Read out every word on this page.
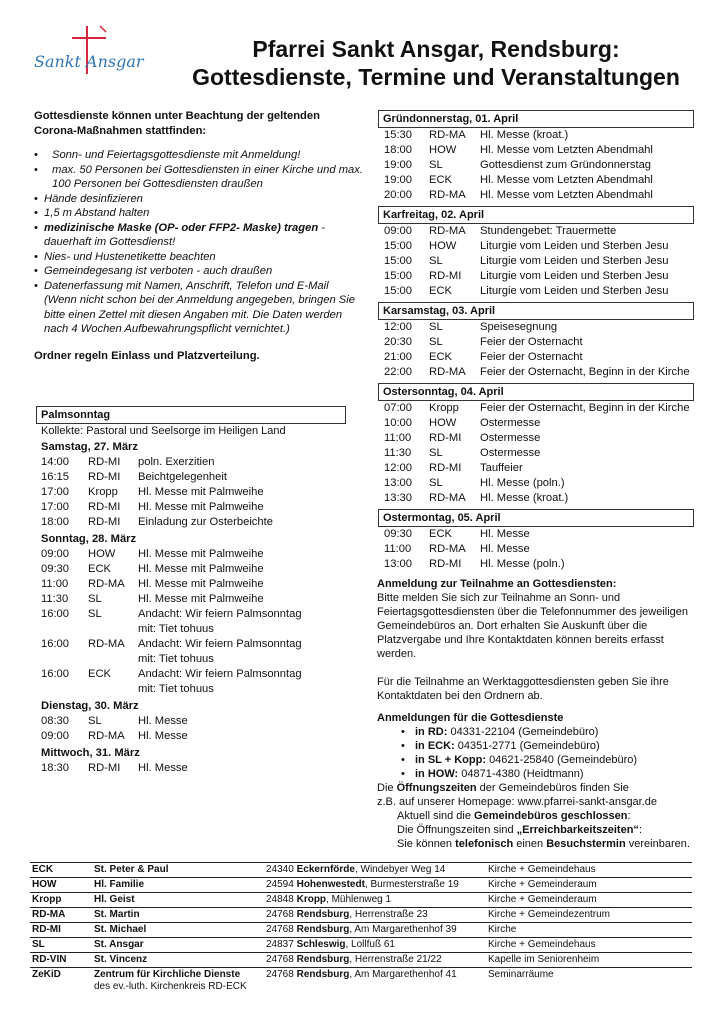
Sankt Ansgar	Pfarrei Sankt Ansgar, Rendsburg:
Gottesdienste, Termine und Veranstaltungen
Gottesdienste können unter Beachtung der geltenden Corona-Maßnahmen stattfinden:
• Sonn- und Feiertagsgottesdienste mit Anmeldung!
• max. 50 Personen bei Gottesdiensten in einer Kirche und max. 100 Personen bei Gottesdiensten draußen
• Hände desinfizieren
• 1,5 m Abstand halten
• medizinische Maske (OP- oder FFP2- Maske) tragen - dauerhaft im Gottesdienst!
• Nies- und Hustenetikette beachten
• Gemeindegesang ist verboten - auch draußen
• Datenerfassung mit Namen, Anschrift, Telefon und E-Mail (Wenn nicht schon bei der Anmeldung angegeben, bringen Sie bitte einen Zettel mit diesen Angaben mit. Die Daten werden nach 4 Wochen Aufbewahrungspflicht vernichtet.)
Ordner regeln Einlass und Platzverteilung.
Palmsonntag
Kollekte: Pastoral und Seelsorge im Heiligen Land
Samstag, 27. März
14:00	RD-MI	poln. Exerzitien
16:15	RD-MI	Beichtgelegenheit
17:00	Kropp	Hl. Messe mit Palmweihe
17:00	RD-MI	Hl. Messe mit Palmweihe
18:00	RD-MI	Einladung zur Osterbeichte
Sonntag, 28. März
09:00	HOW	Hl. Messe mit Palmweihe
09:30	ECK	Hl. Messe mit Palmweihe
11:00	RD-MA	Hl. Messe mit Palmweihe
11:30	SL	Hl. Messe mit Palmweihe
16:00	SL	Andacht: Wir feiern Palmsonntag
mit: Tiet tohuus
16:00	RD-MA	Andacht: Wir feiern Palmsonntag
mit: Tiet tohuus
16:00	ECK	Andacht: Wir feiern Palmsonntag
mit: Tiet tohuus
Dienstag, 30. März
08:30	SL	Hl. Messe
09:00	RD-MA	Hl. Messe
Mittwoch, 31. März
18:30	RD-MI	Hl. Messe
Gründonnerstag, 01. April
15:30	RD-MA	Hl. Messe (kroat.)
18:00	HOW	Hl. Messe vom Letzten Abendmahl
19:00	SL	Gottesdienst zum Gründonnerstag
19:00	ECK	Hl. Messe vom Letzten Abendmahl
20:00	RD-MA	Hl. Messe vom Letzten Abendmahl
Karfreitag, 02. April
09:00	RD-MA	Stundengebet: Trauermette
15:00	HOW	Liturgie vom Leiden und Sterben Jesu
15:00	SL	Liturgie vom Leiden und Sterben Jesu
15:00	RD-MI	Liturgie vom Leiden und Sterben Jesu
15:00	ECK	Liturgie vom Leiden und Sterben Jesu
Karsamstag, 03. April
12:00	SL	Speisesegnung
20:30	SL	Feier der Osternacht
21:00	ECK	Feier der Osternacht
22:00	RD-MA	Feier der Osternacht, Beginn in der Kirche
Ostersonntag, 04. April
07:00	Kropp	Feier der Osternacht, Beginn in der Kirche
10:00	HOW	Ostermesse
11:00	RD-MI	Ostermesse
11:30	SL	Ostermesse
12:00	RD-MI	Tauffeier
13:00	SL	Hl. Messe (poln.)
13:30	RD-MA	Hl. Messe (kroat.)
Ostermontag, 05. April
09:30	ECK	Hl. Messe
11:00	RD-MA	Hl. Messe
13:00	RD-MI	Hl. Messe (poln.)

Anmeldung zur Teilnahme an Gottesdiensten:

Bitte melden Sie sich zur Teilnahme an Sonn- und Feiertagsgottesdiensten über die Telefonnummer des jeweiligen Gemeindebüros an. Dort erhalten Sie Auskunft über die Platzvergabe und Ihre Kontaktdaten können bereits erfasst werden.

Für die Teilnahme an Werktaggottesdiensten geben Sie ihre Kontaktdaten bei den Ordnern ab.

Anmeldungen für die Gottesdienste

• in RD: 04331-22104 (Gemeindebüro)

• in ECK: 04351-2771 (Gemeindebüro)

• in SL + Kopp: 04621-25840 (Gemeindebüro)

• in HOW: 04871-4380 (Heidtmann)

Die Öffnungszeiten der Gemeindebüros finden Sie

z.B. auf unserer Homepage: www.pfarrei-sankt-ansgar.de

Aktuell sind die Gemeindebüros geschlossen:

Die Öffnungszeiten sind „Erreichbarkeitszeiten“:

Sie können telefonisch einen Besuchstermin vereinbaren.

ECK	St. Peter & Paul	24340 Eckernförde, Windebyer Weg 14	Kirche + Gemeindehaus
HOW	Hl. Familie	24594 Hohenwestedt, Burmesterstraße 19	Kirche + Gemeinderaum
Kropp	Hl. Geist	24848 Kropp, Mühlenweg 1	Kirche + Gemeinderaum
RD-MA	St. Martin	24768 Rendsburg, Herrenstraße 23	Kirche + Gemeindezentrum
RD-MI	St. Michael	24768 Rendsburg, Am Margarethenhof 39	Kirche
SL	St. Ansgar	24837 Schleswig, Lollfuß 61	Kirche + Gemeindehaus
RD-VIN	St. Vincenz	24768 Rendsburg, Herrenstraße 21/22	Kapelle im Seniorenheim
ZeKiD	Zentrum für Kirchliche Dienste
des ev.-luth. Kirchenkreis RD-ECK	24768 Rendsburg, Am Margarethenhof 41	Seminarräume
